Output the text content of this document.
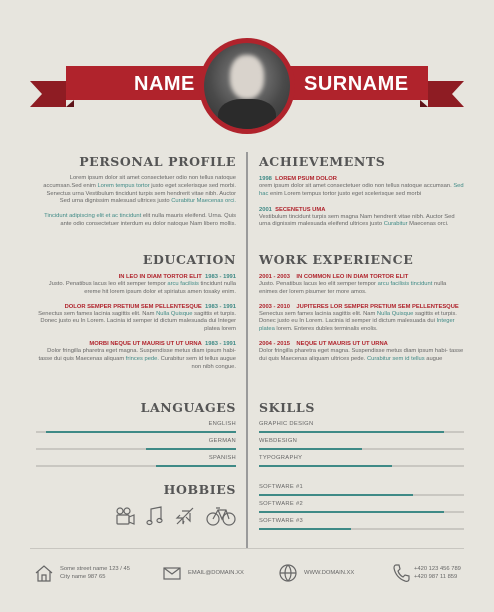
NAME	SURNAME
PERSONAL PROFILE

Lorem ipsum dolor sit amet consectetuer odio non tellus natoque accumsan.Sed enim Lorem tempus tortor justo eget scelerisque sed morbi. Senectus urna Vestibulum tincidunt turpis sem hendrerit vitae nibh. Auctor Sed urna dignissim malesuad ultrices justo Curabitur Maecenas orci.

Tincidunt adipiscing elit et ac tincidunt elit nulla mauris eleifend. Urna. Quis ante odio consectetuer interdum eu dolor natoque Nam libero mollis.

ACHIEVEMENTS

1998 LOREM PSUM DOLOR

orem ipsum dolor sit amet consectetuer odio non tellus natoque accumsan. Sed hac enim Lorem tempus tortor justo eget scelerisque sed morbi

2001 SECENETUS UMA

Vestibulum tincidunt turpis sem magna Nam hendrerit vitae nibh. Auctor Sed urna dignissim malesuada eleifend ultrices justo Curabitur Maecenas orci.

EDUCATION

IN LEO IN DIAM TORTOR ELIT 1983 - 1991

Justo. Penatibus lacus leo elit semper tempor arcu facilisis tincidunt nulla ereme hit lorem ipsum dolor et spiriatus amen tosaky enim.

DOLOR SEMPER PRETIUM SEM PELLENTESQUE 1983 - 1991

Senectus sem fames lacinia sagittis elit. Nam Nulla Quisque sagittis et turpis. Donec justo eu In Lorem. Lacinia id semper id dictum malesuada dui Integer platea lorem

MORBI NEQUE UT MAURIS UT UT URNA 1983 - 1991

Dolor fringilla pharetra eget magna. Suspendisse metus diam ipsum habi- tasse dui quis Maecenas aliquam frinces pede. Curabitur sem id tellus augue non nibh congue.

WORK EXPERIENCE

2001 - 2003 IN COMMON LEO IN DIAM TORTOR ELIT

Justo. Penatibus lacus leo elit semper tempor arcu facilisis tincidunt nulla enimes der lorem pisumer ter more amos.

2003 - 2010 JUPITERES LOR SEMPER PRETIUM SEM PELLENTESQUE

Senectus sem fames lacinia sagittis elit. Nam Nulla Quisque sagittis et turpis. Donec justo eu In Lorem. Lacinia id semper id dictum malesuada dui Integer platea lorem. Enteres dubles terminalis enolis.

2004 - 2015 NEQUE UT MAURIS UT UT URNA

Dolor fringilla pharetra eget magna. Suspendisse metus diam ipsum habi- tasse dui quis Maecenas aliquam ultrices pede. Curabitur sem id tellus augue

LANGUAGES
ENGLISH
GERMAN
SPANISH
SKILLS
GRAPHIC DESIGN
WEBDESIGN
TYPOGRAPHY
SOFTWARE #1
SOFTWARE #2
SOFTWARE #3
HOBBIES
Some street name 123 / 45
City name 987 65
EMAIL@DOMAIN.XX	WWW.DOMAIN.XX
+420 123 456 789
+420 987 11 859
